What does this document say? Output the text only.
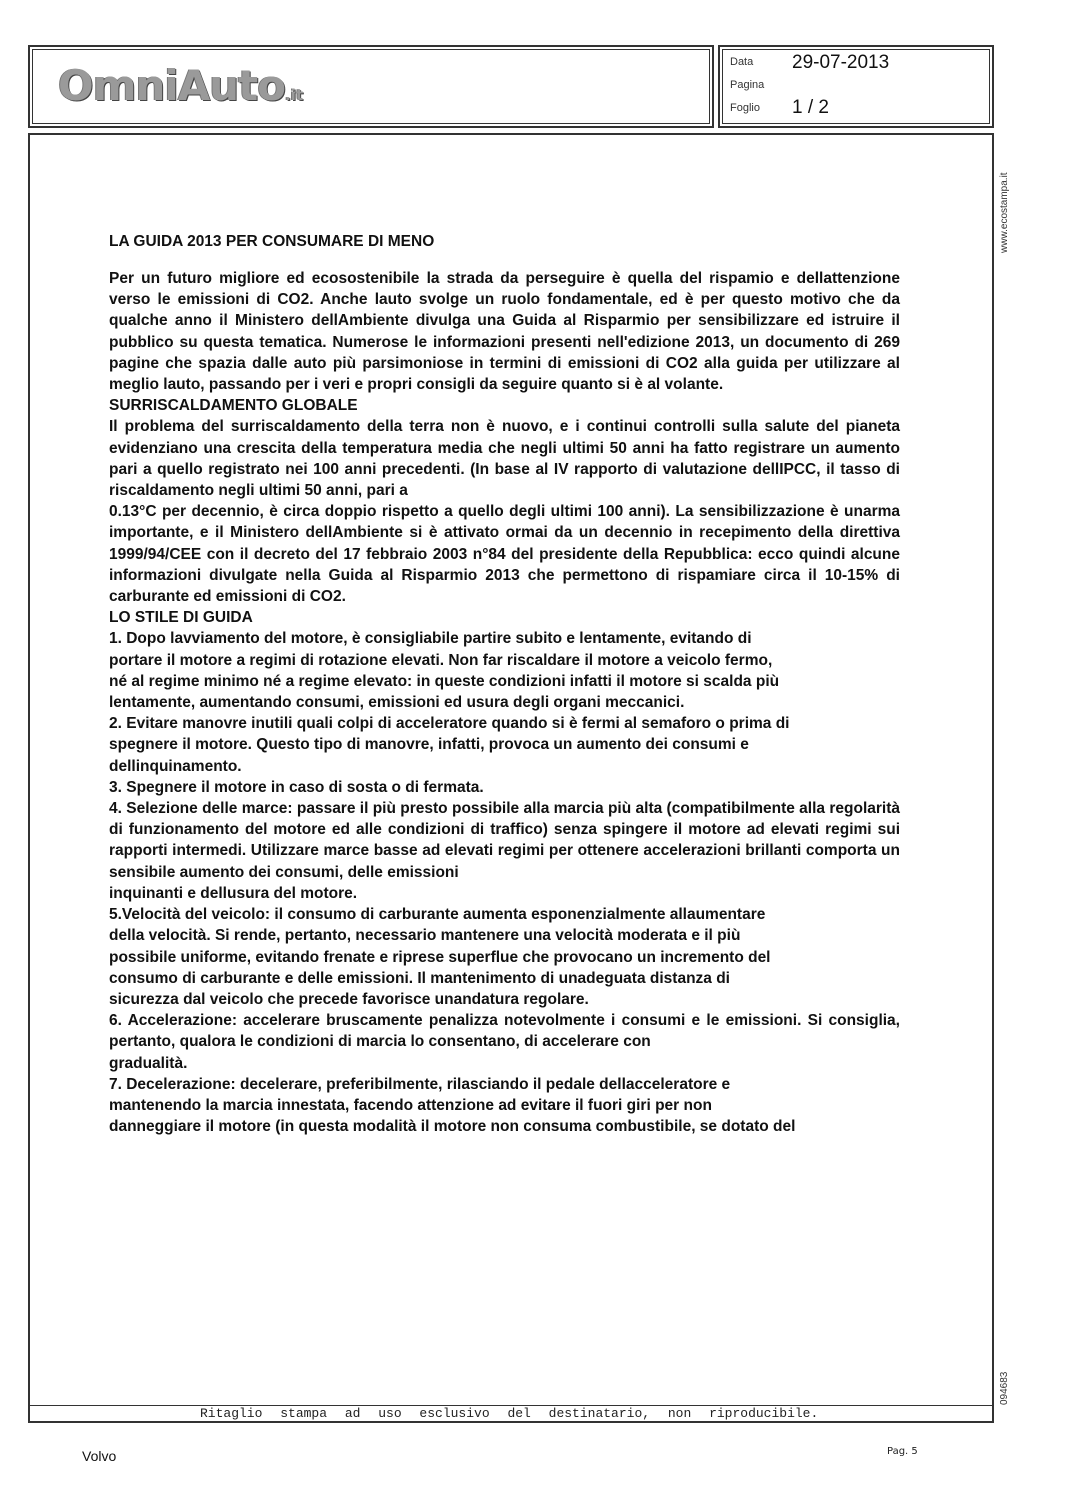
OmniAuto.it
Data 29-07-2013
Pagina
Foglio 1 / 2
www.ecostampa.it
094683
LA GUIDA 2013 PER CONSUMARE DI MENO
Per un futuro migliore ed ecosostenibile la strada da perseguire è quella del rispamio e dellattenzione verso le emissioni di CO2. Anche lauto svolge un ruolo fondamentale, ed è per questo motivo che da qualche anno il Ministero dellAmbiente divulga una Guida al Risparmio per sensibilizzare ed istruire il pubblico su questa tematica. Numerose le informazioni presenti nell'edizione 2013, un documento di 269 pagine che spazia dalle auto più parsimoniose in termini di emissioni di CO2 alla guida per utilizzare al meglio lauto, passando per i veri e propri consigli da seguire quanto si è al volante.
SURRISCALDAMENTO GLOBALE
Il problema del surriscaldamento della terra non è nuovo, e i continui controlli sulla salute del pianeta evidenziano una crescita della temperatura media che negli ultimi 50 anni ha fatto registrare un aumento pari a quello registrato nei 100 anni precedenti. (In base al IV rapporto di valutazione dellIPCC, il tasso di riscaldamento negli ultimi 50 anni, pari a
0.13°C per decennio, è circa doppio rispetto a quello degli ultimi 100 anni). La sensibilizzazione è unarma importante, e il Ministero dellAmbiente si è attivato ormai da un decennio in recepimento della direttiva 1999/94/CEE con il decreto del 17 febbraio 2003 n°84 del presidente della Repubblica: ecco quindi alcune informazioni divulgate nella Guida al Risparmio 2013 che permettono di rispamiare circa il 10-15% di carburante ed emissioni di CO2.
LO STILE DI GUIDA
1. Dopo lavviamento del motore, è consigliabile partire subito e lentamente, evitando di
portare il motore a regimi di rotazione elevati. Non far riscaldare il motore a veicolo fermo,
né al regime minimo né a regime elevato: in queste condizioni infatti il motore si scalda più
lentamente, aumentando consumi, emissioni ed usura degli organi meccanici.
2. Evitare manovre inutili quali colpi di acceleratore quando si è fermi al semaforo o prima di
spegnere il motore. Questo tipo di manovre, infatti, provoca un aumento dei consumi e
dellinquinamento.
3. Spegnere il motore in caso di sosta o di fermata.
4. Selezione delle marce: passare il più presto possibile alla marcia più alta (compatibilmente alla regolarità di funzionamento del motore ed alle condizioni di traffico) senza spingere il motore ad elevati regimi sui rapporti intermedi. Utilizzare marce basse ad elevati regimi per ottenere accelerazioni brillanti comporta un sensibile aumento dei consumi, delle emissioni
inquinanti e dellusura del motore.
5.Velocità del veicolo: il consumo di carburante aumenta esponenzialmente allaumentare
della velocità. Si rende, pertanto, necessario mantenere una velocità moderata e il più
possibile uniforme, evitando frenate e riprese superflue che provocano un incremento del
consumo di carburante e delle emissioni. Il mantenimento di unadeguata distanza di
sicurezza dal veicolo che precede favorisce unandatura regolare.
6. Accelerazione: accelerare bruscamente penalizza notevolmente i consumi e le emissioni. Si consiglia, pertanto, qualora le condizioni di marcia lo consentano, di accelerare con
gradualità.
7. Decelerazione: decelerare, preferibilmente, rilasciando il pedale dellacceleratore e
mantenendo la marcia innestata, facendo attenzione ad evitare il fuori giri per non
danneggiare il motore (in questa modalità il motore non consuma combustibile, se dotato del
Ritaglio stampa ad uso esclusivo del destinatario, non riproducibile.
Volvo	Pag. 5
